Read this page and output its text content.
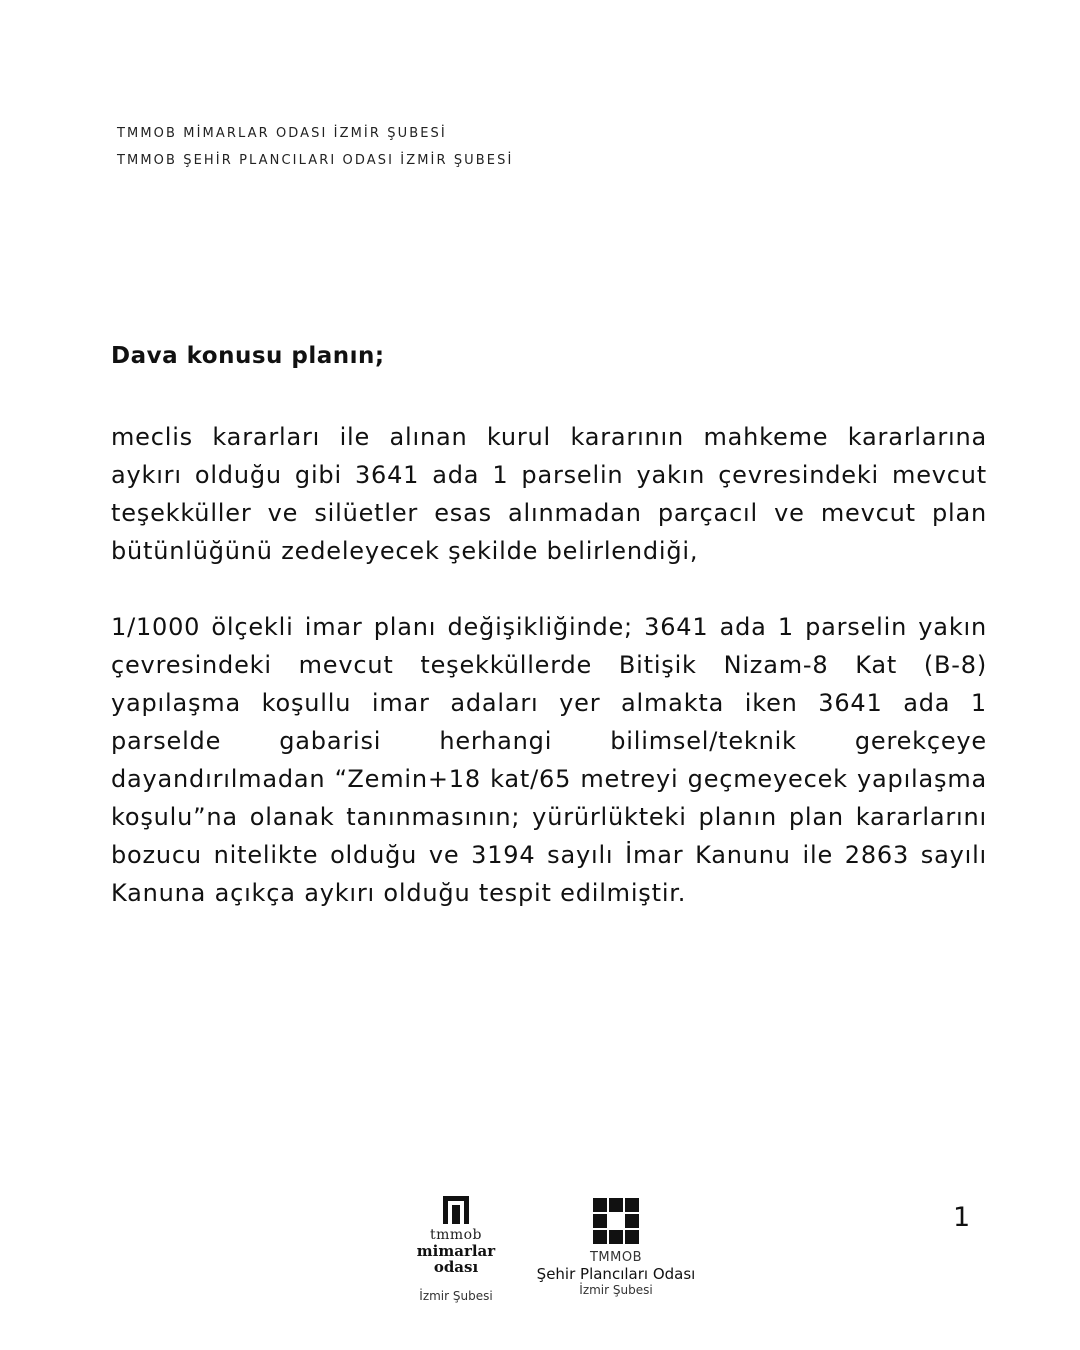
TMMOB MİMARLAR ODASI İZMİR ŞUBESİ
TMMOB ŞEHİR PLANCILARI ODASI İZMİR ŞUBESİ
Dava konusu planın;
meclis kararları ile alınan kurul kararının mahkeme kararlarına aykırı olduğu gibi 3641 ada 1 parselin yakın çevresindeki mevcut teşekküller ve silüetler esas alınmadan parçacıl ve mevcut plan bütünlüğünü zedeleyecek şekilde belirlendiği,
1/1000 ölçekli imar planı değişikliğinde; 3641 ada 1 parselin yakın çevresindeki mevcut teşekküllerde Bitişik Nizam-8 Kat (B-8) yapılaşma koşullu imar adaları yer almakta iken 3641 ada 1 parselde gabarisi herhangi bilimsel/teknik gerekçeye dayandırılmadan “Zemin+18 kat/65 metreyi geçmeyecek yapılaşma koşulu”na olanak tanınmasının; yürürlükteki planın plan kararlarını bozucu nitelikte olduğu ve 3194 sayılı İmar Kanunu ile 2863 sayılı Kanuna açıkça aykırı olduğu tespit edilmiştir.
tmmob
mimarlar
odası
İzmir Şubesi
TMMOB
Şehir Plancıları Odası
İzmir Şubesi
1
